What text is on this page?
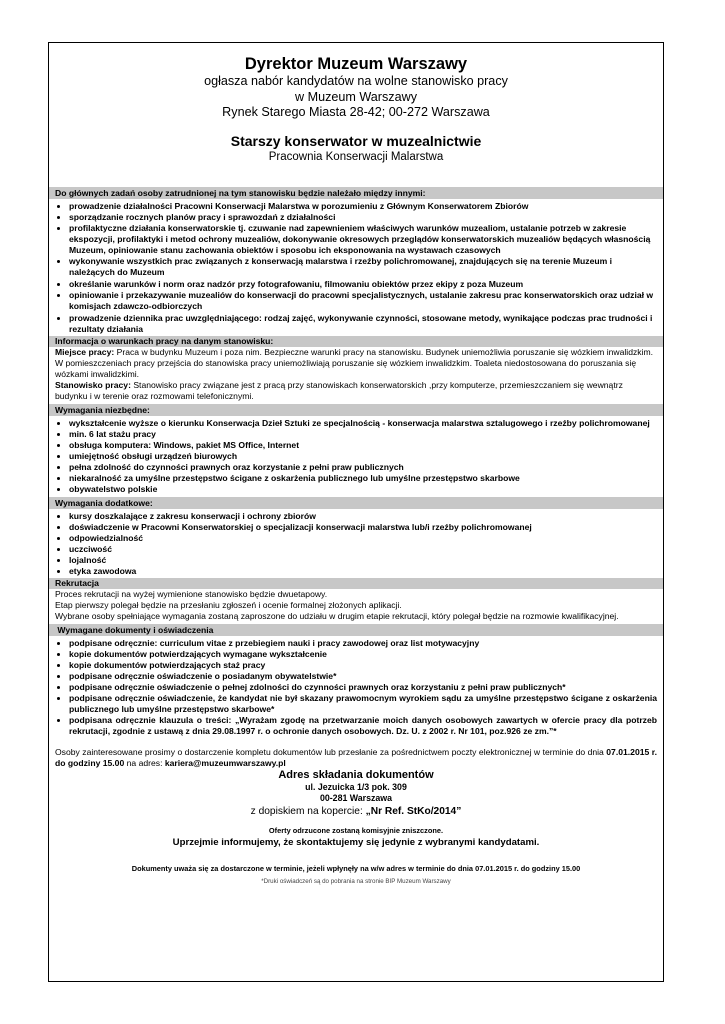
Dyrektor Muzeum Warszawy
ogłasza nabór kandydatów na wolne stanowisko pracy
w Muzeum Warszawy
Rynek Starego Miasta 28-42; 00-272 Warszawa
Starszy konserwator w muzealnictwie
Pracownia Konserwacji Malarstwa
Do głównych zadań osoby zatrudnionej na tym stanowisku będzie należało między innymi:
• prowadzenie działalności Pracowni Konserwacji Malarstwa w porozumieniu z Głównym Konserwatorem Zbiorów
• sporządzanie rocznych planów pracy i sprawozdań z działalności
• profilaktyczne działania konserwatorskie tj. czuwanie nad zapewnieniem właściwych warunków muzealiom, ustalanie potrzeb w zakresie ekspozycji, profilaktyki i metod ochrony muzealiów, dokonywanie okresowych przeglądów konserwatorskich muzealiów będących własnością Muzeum, opiniowanie stanu zachowania obiektów i sposobu ich eksponowania na wystawach czasowych
• wykonywanie wszystkich prac związanych z konserwacją malarstwa i rzeźby polichromowanej, znajdujących się na terenie Muzeum i należących do Muzeum
• określanie warunków i norm oraz nadzór przy fotografowaniu, filmowaniu obiektów przez ekipy z poza Muzeum
• opiniowanie i przekazywanie muzealiów do konserwacji do pracowni specjalistycznych, ustalanie zakresu prac konserwatorskich oraz udział w komisjach zdawczo-odbiorczych
• prowadzenie dziennika prac uwzględniającego: rodzaj zajęć, wykonywanie czynności, stosowane metody, wynikające podczas prac trudności i rezultaty działania
Informacja o warunkach pracy na danym stanowisku:
Miejsce pracy: Praca w budynku Muzeum i poza nim. Bezpieczne warunki pracy na stanowisku. Budynek uniemożliwia poruszanie się wózkiem inwalidzkim. W pomieszczeniach pracy przejścia do stanowiska pracy uniemożliwiają poruszanie się wózkiem inwalidzkim. Toaleta niedostosowana do poruszania się wózkami inwalidzkimi.
Stanowisko pracy: Stanowisko pracy związane jest z pracą przy stanowiskach konserwatorskich ,przy komputerze, przemieszczaniem się wewnątrz budynku i w terenie oraz rozmowami telefonicznymi.
Wymagania niezbędne:
• wykształcenie wyższe o kierunku Konserwacja Dzieł Sztuki ze specjalnością - konserwacja malarstwa sztalugowego i rzeźby polichromowanej
• min. 6 lat stażu pracy
• obsługa komputera: Windows, pakiet MS Office, Internet
• umiejętność obsługi urządzeń biurowych
• pełna zdolność do czynności prawnych oraz korzystanie z pełni praw publicznych
• niekaralność za umyślne przestępstwo ścigane z oskarżenia publicznego lub umyślne przestępstwo skarbowe
• obywatelstwo polskie
Wymagania dodatkowe:
• kursy doszkalające z zakresu konserwacji i ochrony zbiorów
• doświadczenie w Pracowni Konserwatorskiej o specjalizacji konserwacji malarstwa lub/i rzeźby polichromowanej
• odpowiedzialność
• uczciwość
• lojalność
• etyka zawodowa
Rekrutacja
Proces rekrutacji na wyżej wymienione stanowisko będzie dwuetapowy.
Etap pierwszy polegał będzie na przesłaniu zgłoszeń i ocenie formalnej złożonych aplikacji.
Wybrane osoby spełniające wymagania zostaną zaproszone do udziału w drugim etapie rekrutacji, który polegał będzie na rozmowie kwalifikacyjnej.
Wymagane dokumenty i oświadczenia
• podpisane odręcznie: curriculum vitae z przebiegiem nauki i pracy zawodowej oraz list motywacyjny
• kopie dokumentów potwierdzających wymagane wykształcenie
• kopie dokumentów potwierdzających staż pracy
• podpisane odręcznie oświadczenie o posiadanym obywatelstwie*
• podpisane odręcznie oświadczenie o pełnej zdolności do czynności prawnych oraz korzystaniu z pełni praw publicznych*
• podpisane odręcznie oświadczenie, że kandydat nie był skazany prawomocnym wyrokiem sądu za umyślne przestępstwo ścigane z oskarżenia publicznego lub umyślne przestępstwo skarbowe*
• podpisana odręcznie klauzula o treści: „Wyrażam zgodę na przetwarzanie moich danych osobowych zawartych w ofercie pracy dla potrzeb rekrutacji, zgodnie z ustawą z dnia 29.08.1997 r. o ochronie danych osobowych. Dz. U. z 2002 r. Nr 101, poz.926 ze zm.”*
Osoby zainteresowane prosimy o dostarczenie kompletu dokumentów lub przesłanie za pośrednictwem poczty elektronicznej w terminie do dnia 07.01.2015 r. do godziny 15.00 na adres: kariera@muzeumwarszawy.pl
Adres składania dokumentów
ul. Jezuicka 1/3 pok. 309
00-281 Warszawa
z dopiskiem na kopercie: „Nr Ref. StKo/2014”
Oferty odrzucone zostaną komisyjnie zniszczone.
Uprzejmie informujemy, że skontaktujemy się jedynie z wybranymi kandydatami.
Dokumenty uważa się za dostarczone w terminie, jeżeli wpłynęły na w/w adres w terminie do dnia 07.01.2015 r. do godziny 15.00
*Druki oświadczeń są do pobrania na stronie BIP Muzeum Warszawy
